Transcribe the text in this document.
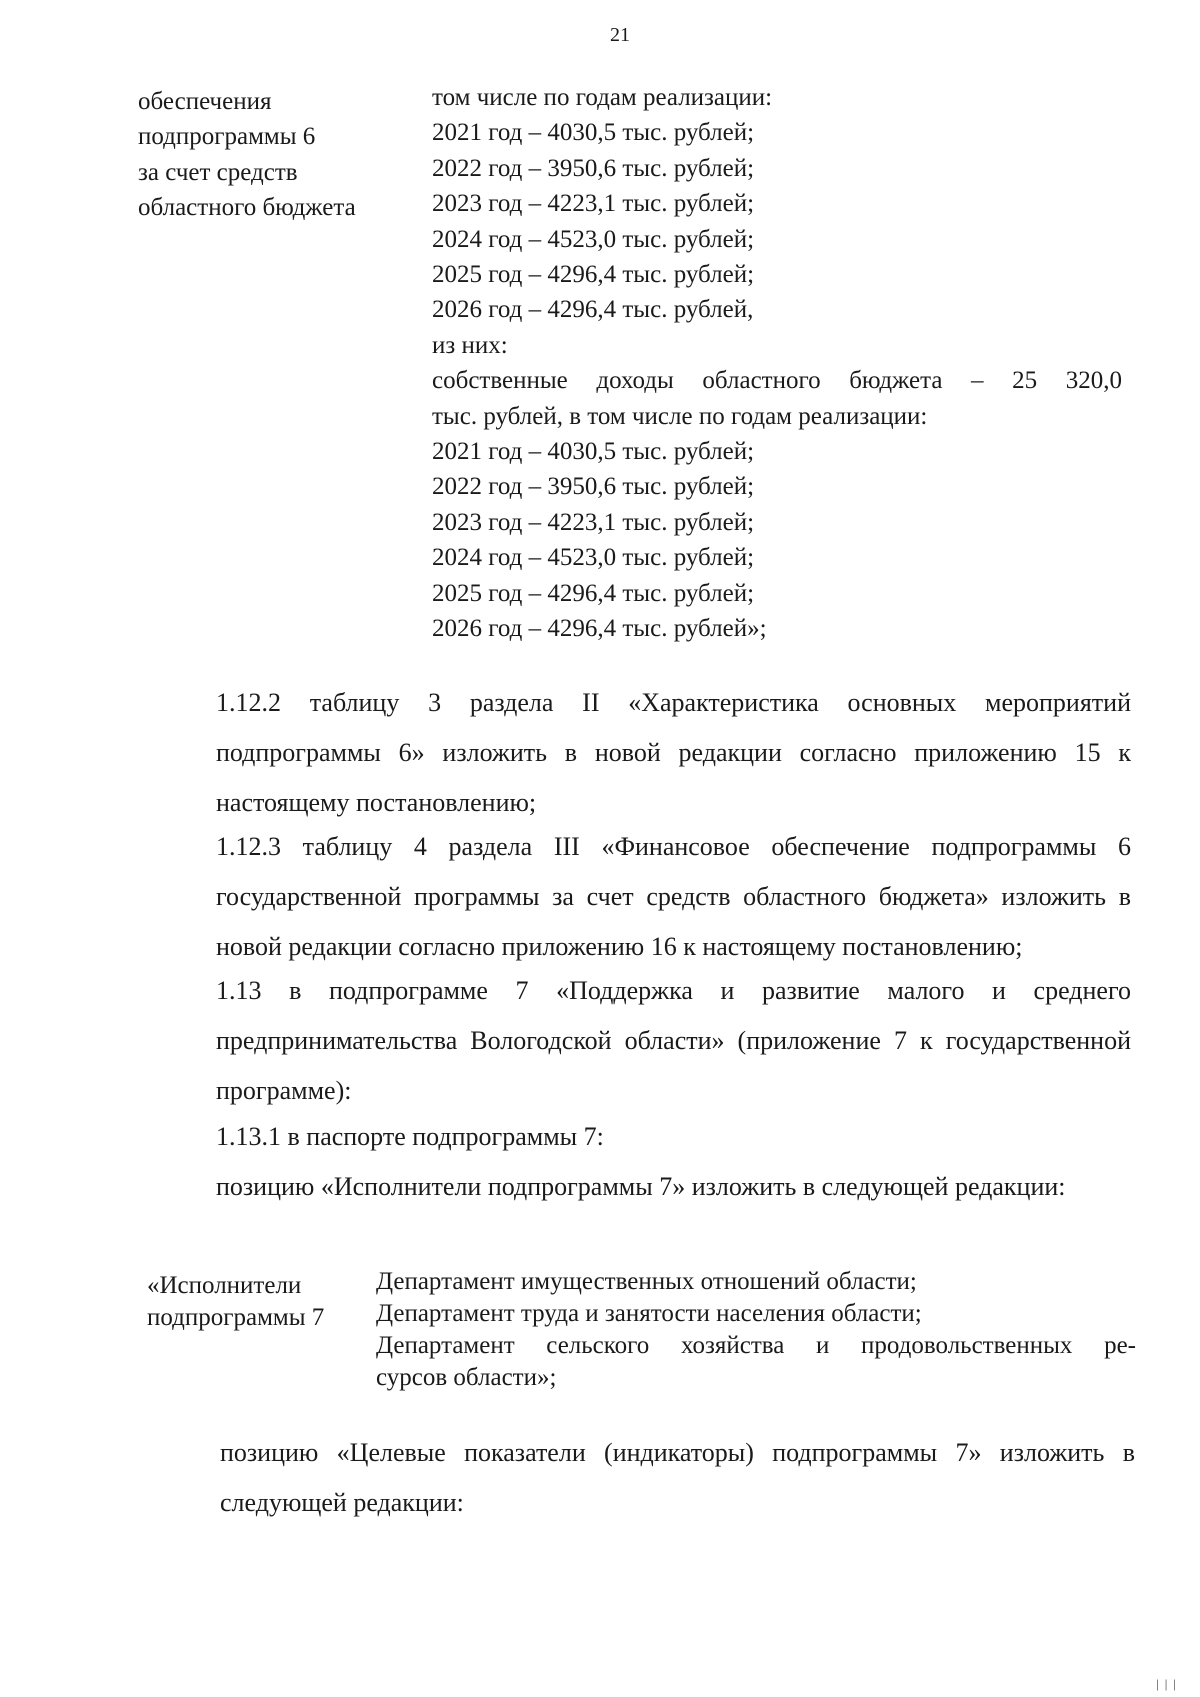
21
обеспечения
подпрограммы 6
за счет средств
областного бюджета
том числе по годам реализации:
2021 год – 4030,5 тыс. рублей;
2022 год – 3950,6 тыс. рублей;
2023 год – 4223,1 тыс. рублей;
2024 год – 4523,0 тыс. рублей;
2025 год – 4296,4 тыс. рублей;
2026 год – 4296,4 тыс. рублей,
из них:
собственные доходы областного бюджета – 25 320,0
тыс. рублей, в том числе по годам реализации:
2021 год – 4030,5 тыс. рублей;
2022 год – 3950,6 тыс. рублей;
2023 год – 4223,1 тыс. рублей;
2024 год – 4523,0 тыс. рублей;
2025 год – 4296,4 тыс. рублей;
2026 год – 4296,4 тыс. рублей»;
1.12.2 таблицу 3 раздела II «Характеристика основных мероприятий подпрограммы 6» изложить в новой редакции согласно приложению 15 к настоящему постановлению;
1.12.3 таблицу 4 раздела III «Финансовое обеспечение подпрограммы 6 государственной программы за счет средств областного бюджета» изложить в новой редакции согласно приложению 16 к настоящему постановлению;
1.13 в подпрограмме 7 «Поддержка и развитие малого и среднего предпринимательства Вологодской области» (приложение 7 к государственной программе):
1.13.1 в паспорте подпрограммы 7:
позицию «Исполнители подпрограммы 7» изложить в следующей редакции:
«Исполнители
подпрограммы 7
Департамент имущественных отношений области;
Департамент труда и занятости населения области;
Департамент сельского хозяйства и продовольственных ре-
сурсов области»;
позицию «Целевые показатели (индикаторы) подпрограммы 7» изложить в следующей редакции:
|||
